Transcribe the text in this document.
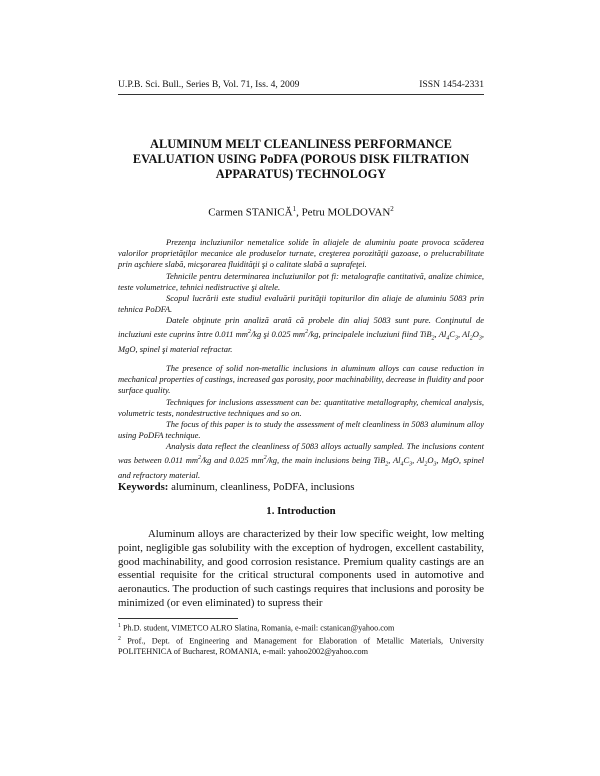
U.P.B. Sci. Bull., Series B, Vol. 71, Iss. 4, 2009	ISSN 1454-2331
ALUMINUM MELT CLEANLINESS PERFORMANCE
EVALUATION USING PoDFA (POROUS DISK FILTRATION
APPARATUS) TECHNOLOGY
Carmen STANICĂ$^1$, Petru MOLDOVAN$^2$

Prezenţa incluziunilor nemetalice solide în aliajele de aluminiu poate provoca scăderea valorilor proprietăţilor mecanice ale produselor turnate, creşterea porozităţii gazoase, o prelucrabilitate prin aşchiere slabă, micşorarea fluidităţii şi o calitate slabă a suprafeţei.

Tehnicile pentru determinarea incluziunilor pot fi: metalografie cantitativă, analize chimice, teste volumetrice, tehnici nedistructive şi altele.

Scopul lucrării este studiul evaluării purităţii topiturilor din aliaje de aluminiu 5083 prin tehnica PoDFA.

Datele obţinute prin analiză arată că probele din aliaj 5083 sunt pure. Conţinutul de incluziuni este cuprins între 0.011 $mm^2/kg$ şi 0.025 $mm^2/kg$, principalele incluziuni fiind TiB$_2$, $Al_4C_3$, $Al_2O_3$, MgO, spinel şi material refractar.

The presence of solid non-metallic inclusions in aluminum alloys can cause reduction in mechanical properties of castings, increased gas porosity, poor machinability, decrease in fluidity and poor surface quality.

Techniques for inclusions assessment can be: quantitative metallography, chemical analysis, volumetric tests, nondestructive techniques and so on.

The focus of this paper is to study the assessment of melt cleanliness in 5083 aluminum alloy using PoDFA technique.

Analysis data reflect the cleanliness of 5083 alloys actually sampled. The inclusions content was between 0.011 $mm^2/kg$ and 0.025 $mm^2/kg$, the main inclusions being TiB$_2$, $Al_4C_3$, $Al_2O_3$, MgO, spinel and refractory material.

Keywords: aluminum, cleanliness, PoDFA, inclusions
1. Introduction

Aluminum alloys are characterized by their low specific weight, low melting point, negligible gas solubility with the exception of hydrogen, excellent castability, good machinability, and good corrosion resistance. Premium quality castings are an essential requisite for the critical structural components used in automotive and aeronautics. The production of such castings requires that inclusions and porosity be minimized (or even eliminated) to supress their

$^1$ Ph.D. student, VIMETCO ALRO Slatina, Romania, e-mail: cstanican@yahoo.com

$^2$ Prof., Dept. of Engineering and Management for Elaboration of Metallic Materials, University POLITEHNICA of Bucharest, ROMANIA, e-mail: yahoo2002@yahoo.com
